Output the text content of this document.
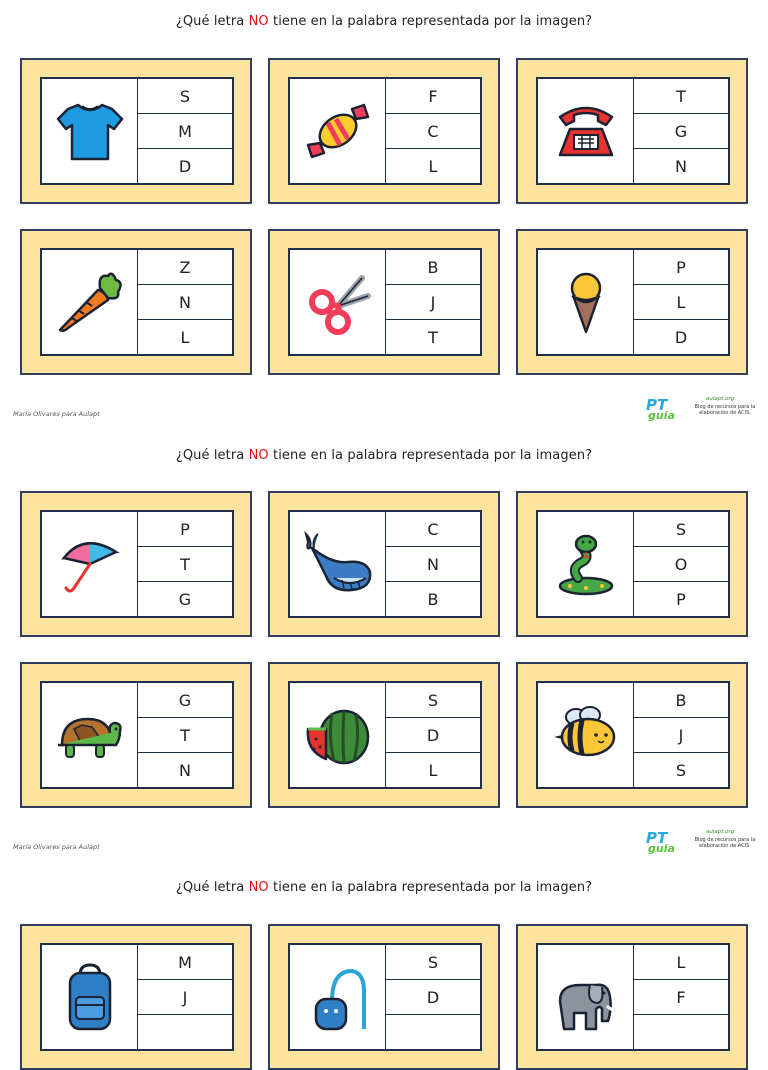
¿Qué letra NO tiene en la palabra representada por la imagen?
S
M
D
F
C
L
T
G
N
Z
N
L
B
J
T
P
L
D
María Olivares para Aulapt	PT
guia
aulapt.org
Blog de recursos para la elaboración de ACIS.
¿Qué letra NO tiene en la palabra representada por la imagen?
P
T
G
C
N
B
S
O
P
G
T
N
S
D
L
B
J
S
María Olivares para Aulapt	PT
guia
aulapt.org
Blog de recursos para la elaboración de ACIS.
¿Qué letra NO tiene en la palabra representada por la imagen?
M
J
S
D
L
F
